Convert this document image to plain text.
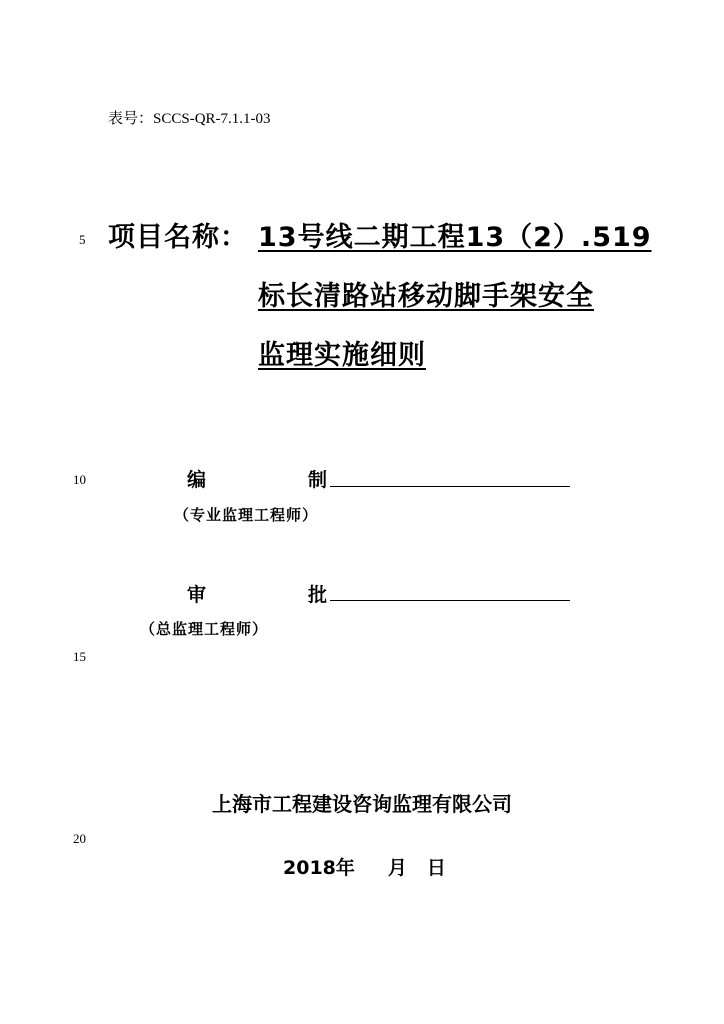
表号：SCCS-QR-7.1.1-03
5
10
15
20
项目名称： 13号线二期工程13（2）.519
标长清路站移动脚手架安全
监理实施细则
编	制
（专业监理工程师）
审	批
（总监理工程师）
上海市工程建设咨询监理有限公司
2018年 月 日
